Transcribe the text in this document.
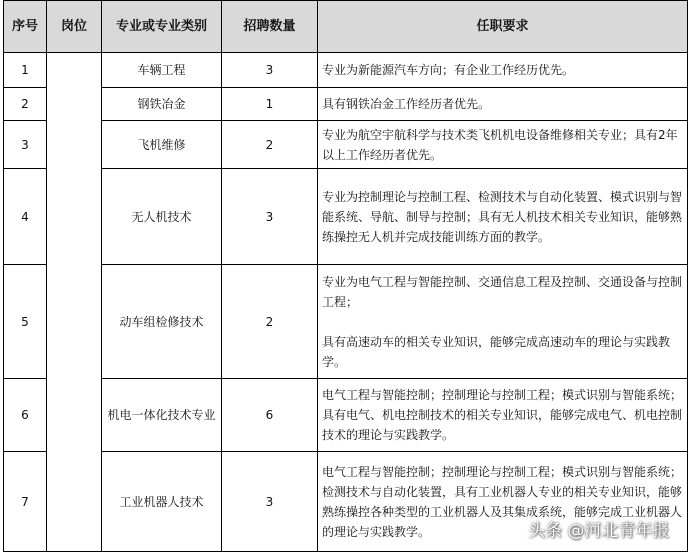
序号	岗位	专业或专业类别	招聘数量	任职要求
1		车辆工程	3	专业为新能源汽车方向；有企业工作经历优先。
2		钢铁冶金	1	具有钢铁冶金工作经历者优先。
3		飞机维修	2	专业为航空宇航科学与技术类飞机机电设备维修相关专业；具有2年以上工作经历者优先。
4		无人机技术	3	专业为控制理论与控制工程、检测技术与自动化装置、模式识别与智能系统、导航、制导与控制；具有无人机技术相关专业知识，能够熟练操控无人机并完成技能训练方面的教学。
5		动车组检修技术	2	专业为电气工程与智能控制、交通信息工程及控制、交通设备与控制工程；
具有高速动车的相关专业知识，能够完成高速动车的理论与实践教学。
6		机电一体化技术专业	6	电气工程与智能控制；控制理论与控制工程；模式识别与智能系统；具有电气、机电控制技术的相关专业知识，能够完成电气、机电控制技术的理论与实践教学。
7		工业机器人技术	3	电气工程与智能控制；控制理论与控制工程；模式识别与智能系统；检测技术与自动化装置，具有工业机器人专业的相关专业知识，能够熟练操控各种类型的工业机器人及其集成系统，能够完成工业机器人的理论与实践教学。	头条 @河北青年报
